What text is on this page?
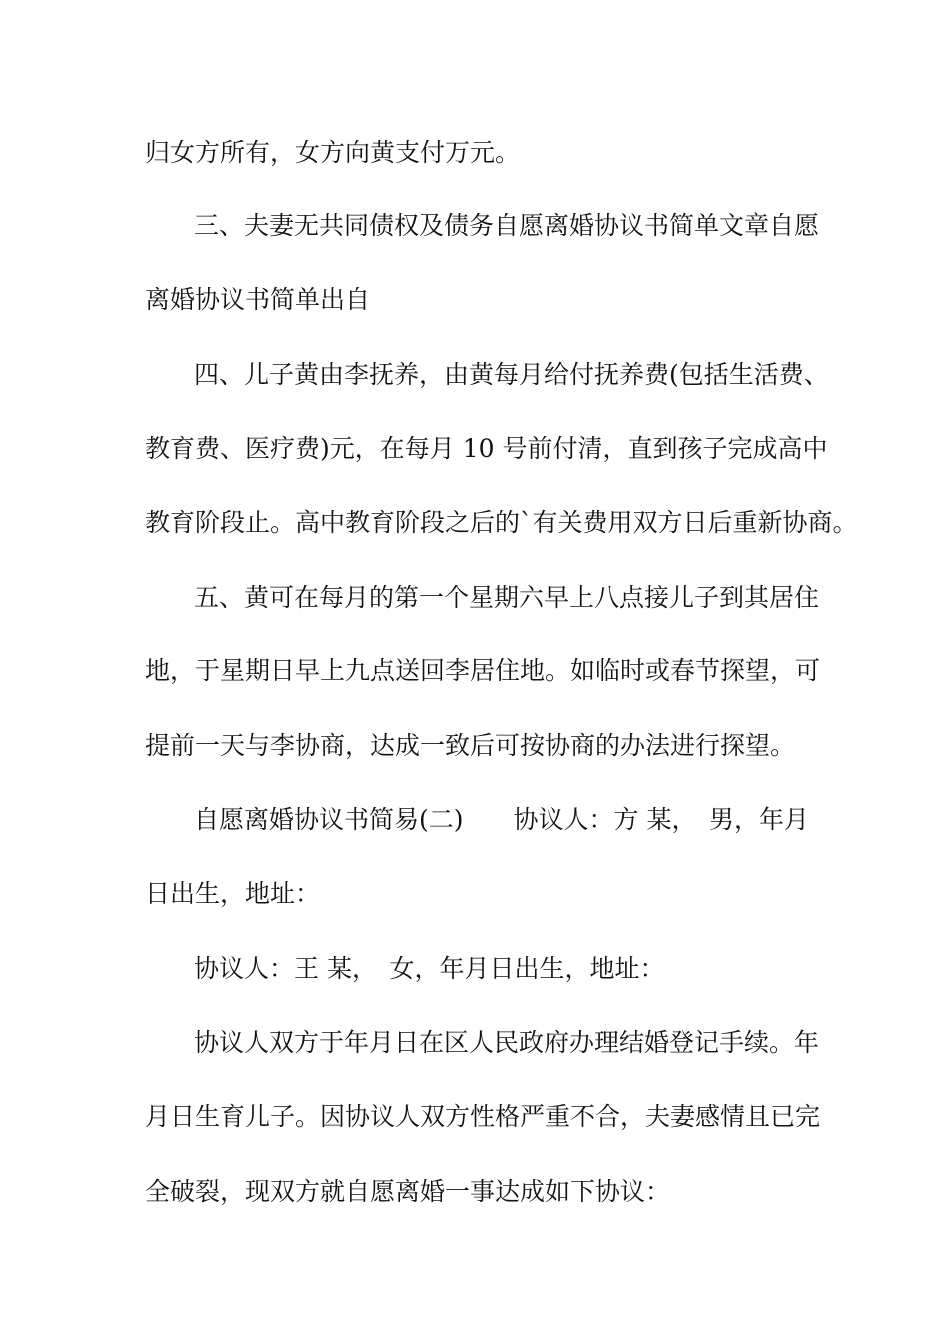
归女方所有，女方向黄支付万元。

三、夫妻无共同债权及债务自愿离婚协议书简单文章自愿

离婚协议书简单出自

四、儿子黄由李抚养，由黄每月给付抚养费(包括生活费、

教育费、医疗费)元，在每月 10 号前付清，直到孩子完成高中

教育阶段止。高中教育阶段之后的`有关费用双方日后重新协商。

五、黄可在每月的第一个星期六早上八点接儿子到其居住

地，于星期日早上九点送回李居住地。如临时或春节探望，可

提前一天与李协商，达成一致后可按协商的办法进行探望。

自愿离婚协议书简易(二)　　协议人：方 某，　男，年月

日出生，地址：

协议人：王 某，　女，年月日出生，地址：

协议人双方于年月日在区人民政府办理结婚登记手续。年

月日生育儿子。因协议人双方性格严重不合，夫妻感情且已完

全破裂，现双方就自愿离婚一事达成如下协议：
